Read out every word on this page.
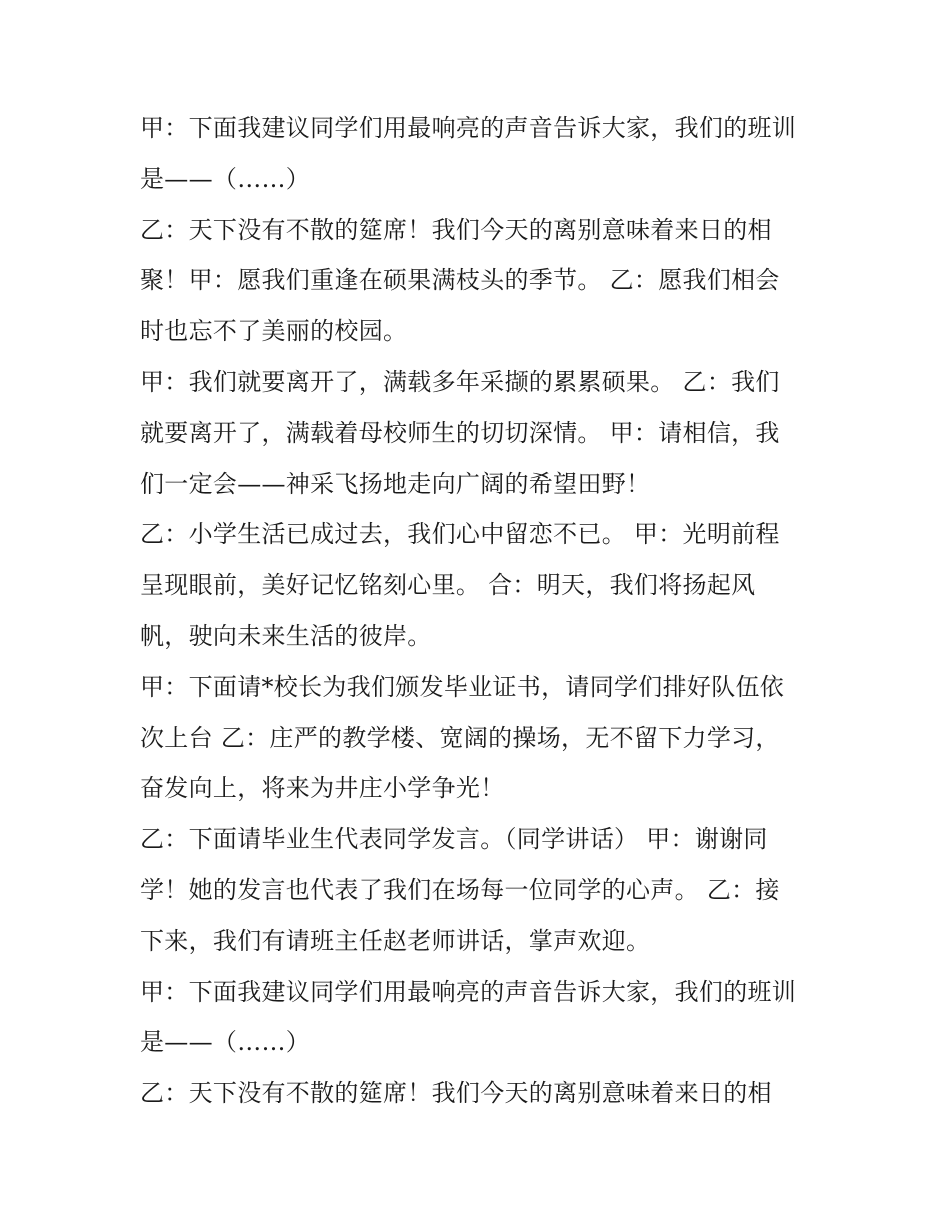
甲：下面我建议同学们用最响亮的声音告诉大家，我们的班训
是——（……）
乙：天下没有不散的筵席！我们今天的离别意味着来日的相
聚！甲：愿我们重逢在硕果满枝头的季节。 乙：愿我们相会
时也忘不了美丽的校园。
甲：我们就要离开了，满载多年采撷的累累硕果。 乙：我们
就要离开了，满载着母校师生的切切深情。 甲：请相信，我
们一定会——神采飞扬地走向广阔的希望田野！
乙：小学生活已成过去，我们心中留恋不已。 甲：光明前程
呈现眼前，美好记忆铭刻心里。 合：明天，我们将扬起风
帆，驶向未来生活的彼岸。
甲：下面请*校长为我们颁发毕业证书，请同学们排好队伍依
次上台 乙：庄严的教学楼、宽阔的操场，无不留下力学习，
奋发向上，将来为井庄小学争光！
乙：下面请毕业生代表同学发言。（同学讲话） 甲：谢谢同
学！她的发言也代表了我们在场每一位同学的心声。 乙：接
下来，我们有请班主任赵老师讲话，掌声欢迎。
甲：下面我建议同学们用最响亮的声音告诉大家，我们的班训
是——（……）
乙：天下没有不散的筵席！我们今天的离别意味着来日的相
